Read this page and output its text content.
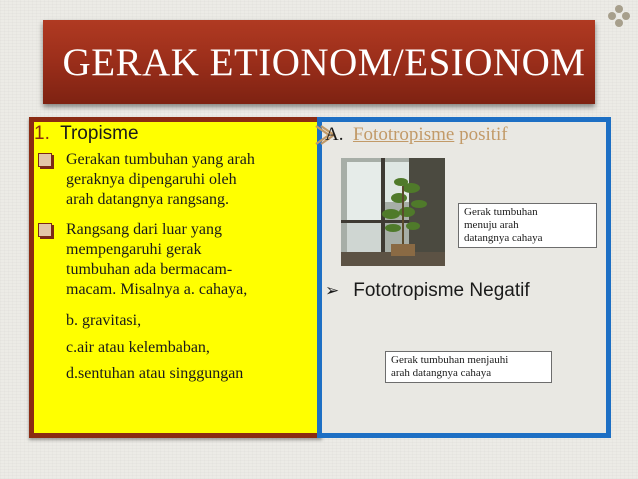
GERAK ETIONOM/ESIONOM
1. Tropisme
Gerakan tumbuhan yang arah
geraknya dipengaruhi oleh
arah datangnya rangsang.
Rangsang dari luar yang
mempengaruhi gerak
tumbuhan ada bermacam-
macam. Misalnya a. cahaya,
b. gravitasi,
c.air atau kelembaban,
d.sentuhan atau singgungan
A. Fototropisme positif
Gerak tumbuhan
menuju arah
datangnya cahaya
➢ Fototropisme Negatif
Gerak tumbuhan menjauhi
arah datangnya cahaya
